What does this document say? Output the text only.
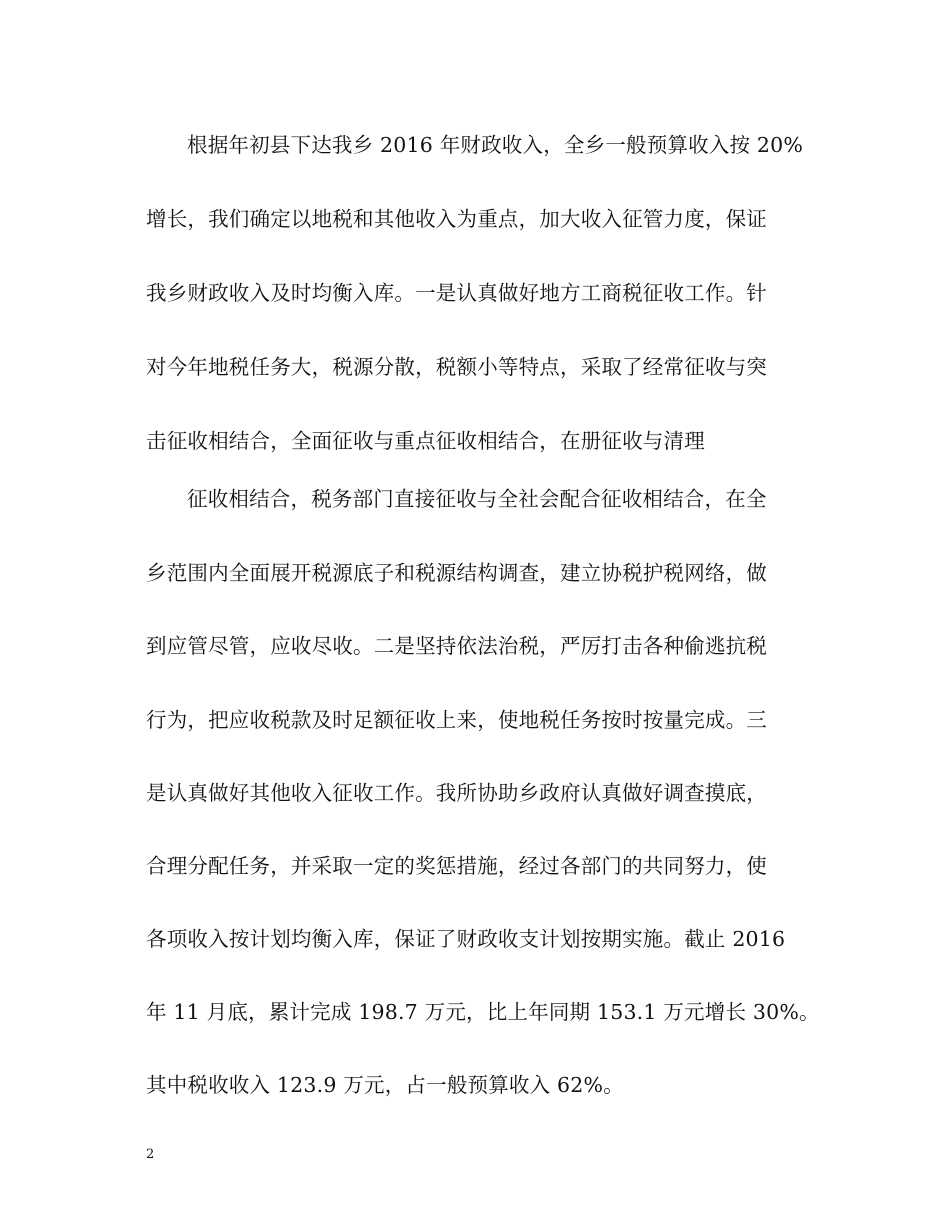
根据年初县下达我乡 2016 年财政收入，全乡一般预算收入按 20%
增长，我们确定以地税和其他收入为重点，加大收入征管力度，保证
我乡财政收入及时均衡入库。一是认真做好地方工商税征收工作。针
对今年地税任务大，税源分散，税额小等特点，采取了经常征收与突
击征收相结合，全面征收与重点征收相结合，在册征收与清理
征收相结合，税务部门直接征收与全社会配合征收相结合，在全
乡范围内全面展开税源底子和税源结构调查，建立协税护税网络，做
到应管尽管，应收尽收。二是坚持依法治税，严厉打击各种偷逃抗税
行为，把应收税款及时足额征收上来，使地税任务按时按量完成。三
是认真做好其他收入征收工作。我所协助乡政府认真做好调查摸底，
合理分配任务，并采取一定的奖惩措施，经过各部门的共同努力，使
各项收入按计划均衡入库，保证了财政收支计划按期实施。截止 2016
年 11 月底，累计完成 198.7 万元，比上年同期 153.1 万元增长 30%。
其中税收收入 123.9 万元，占一般预算收入 62%。
2
